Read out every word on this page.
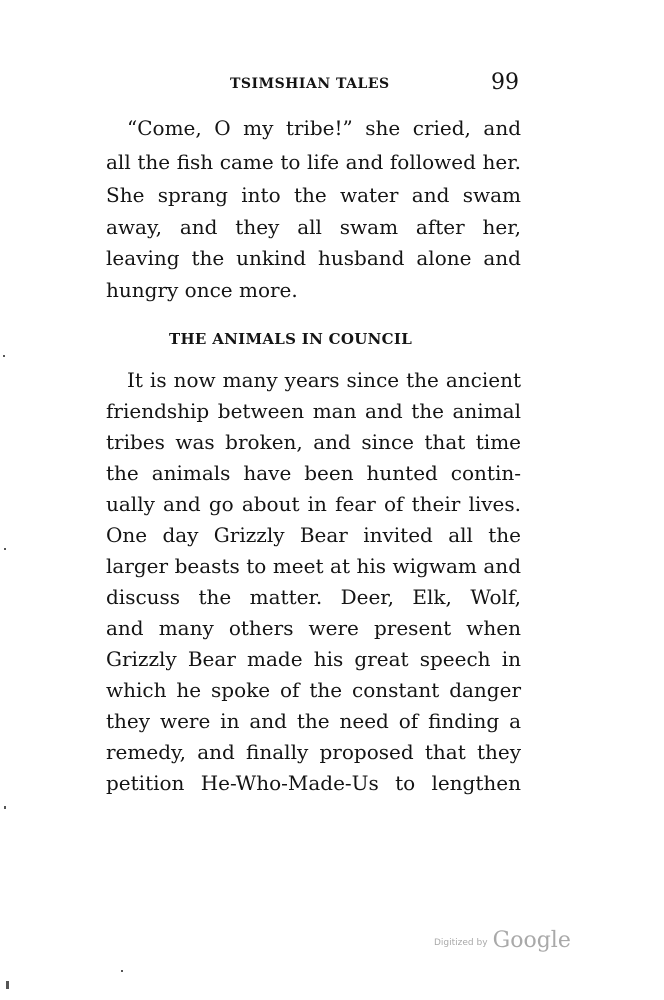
TSIMSHIAN TALES	99
“Come, O my tribe!” she cried, and
all the fish came to life and followed her.
She sprang into the water and swam
away, and they all swam after her,
leaving the unkind husband alone and
hungry once more.
THE ANIMALS IN COUNCIL
It is now many years since the ancient
friendship between man and the animal
tribes was broken, and since that time
the animals have been hunted contin-
ually and go about in fear of their lives.
One day Grizzly Bear invited all the
larger beasts to meet at his wigwam and
discuss the matter. Deer, Elk, Wolf,
and many others were present when
Grizzly Bear made his great speech in
which he spoke of the constant danger
they were in and the need of finding a
remedy, and finally proposed that they
petition He-Who-Made-Us to lengthen
Digitized by Google
